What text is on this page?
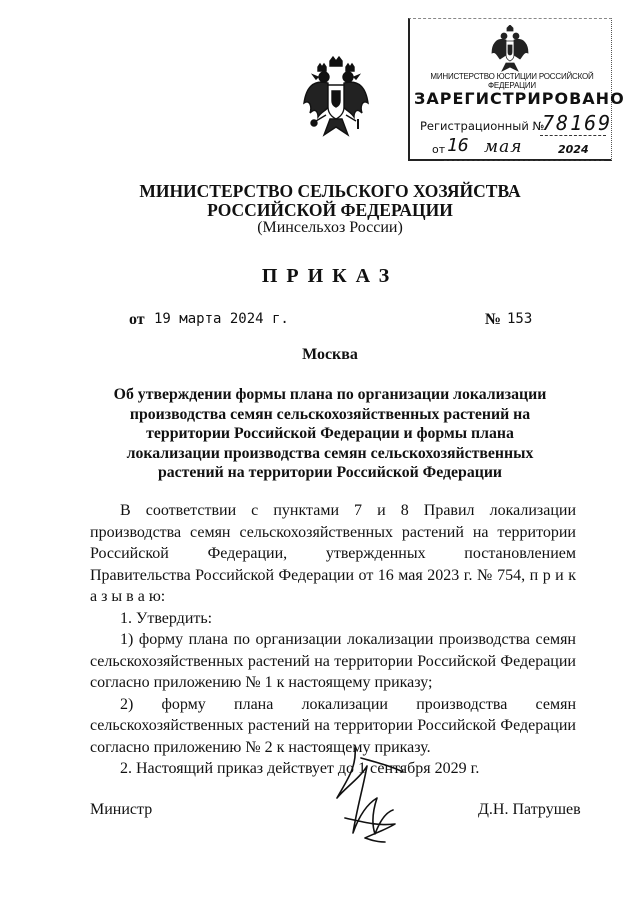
МИНИСТЕРСТВО ЮСТИЦИИ РОССИЙСКОЙ ФЕДЕРАЦИИ
ЗАРЕГИСТРИРОВАНО
Регистрационный №
78169
от 16 мая	2024
МИНИСТЕРСТВО СЕЛЬСКОГО ХОЗЯЙСТВА
РОССИЙСКОЙ ФЕДЕРАЦИИ
(Минсельхоз России)
ПРИКАЗ
от 19 марта 2024 г.	№ 153
Москва
Об утверждении формы плана по организации локализации производства семян сельскохозяйственных растений на территории Российской Федерации и формы плана локализации производства семян сельскохозяйственных растений на территории Российской Федерации

В соответствии с пунктами 7 и 8 Правил локализации производства семян сельскохозяйственных растений на территории Российской Федерации, утвержденных постановлением Правительства Российской Федерации от 16 мая 2023 г. № 754, п р и к а з ы в а ю:

1. Утвердить:

1) форму плана по организации локализации производства семян сельскохозяйственных растений на территории Российской Федерации согласно приложению № 1 к настоящему приказу;

2) форму плана локализации производства семян сельскохозяйственных растений на территории Российской Федерации согласно приложению № 2 к настоящему приказу.

2. Настоящий приказ действует до 1 сентября 2029 г.

Министр	Д.Н. Патрушев
